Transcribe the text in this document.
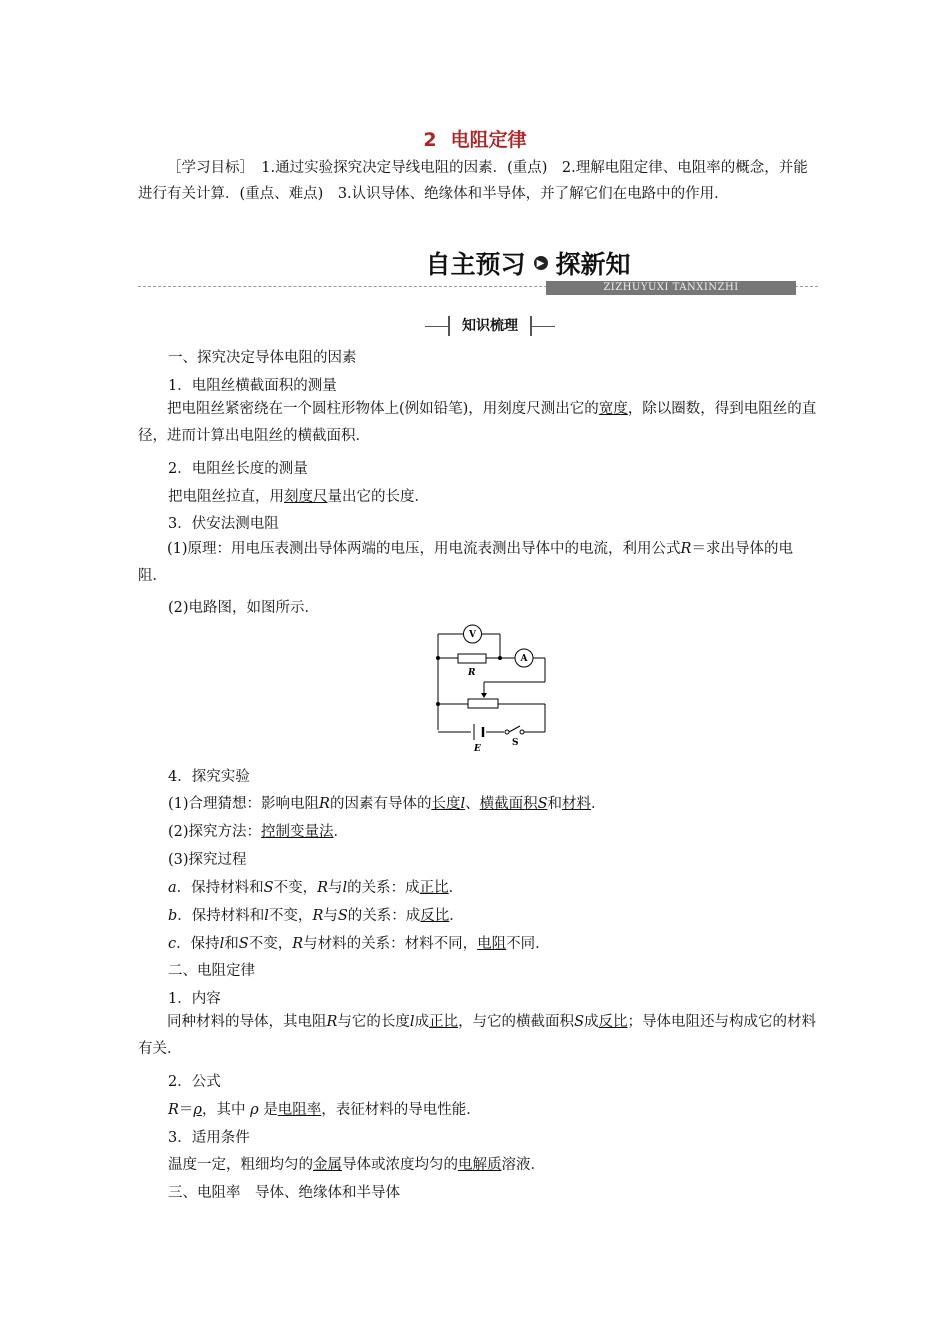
2 电阻定律
［学习目标］　1.通过实验探究决定导线电阻的因素．(重点)　2.理解电阻定律、电阻率的概念，并能进行有关计算．(重点、难点)　3.认识导体、绝缘体和半导体，并了解它们在电路中的作用．
自主预习	▶ 探新知
ZIZHUYUXI TANXINZHI
知识梳理
一、探究决定导体电阻的因素
1．电阻丝横截面积的测量
把电阻丝紧密绕在一个圆柱形物体上(例如铅笔)，用刻度尺测出它的宽度，除以圈数，得到电阻丝的直径，进而计算出电阻丝的横截面积．
2．电阻丝长度的测量
把电阻丝拉直，用刻度尺量出它的长度．
3．伏安法测电阻
(1)原理：用电压表测出导体两端的电压，用电流表测出导体中的电流，利用公式R＝求出导体的电阻．
(2)电路图，如图所示．
V
A
R
E
S
4．探究实验
(1)合理猜想：影响电阻R的因素有导体的长度l、横截面积S和材料．
(2)探究方法：控制变量法．
(3)探究过程
a．保持材料和S不变，R与l的关系：成正比．
b．保持材料和l不变，R与S的关系：成反比．
c．保持l和S不变，R与材料的关系：材料不同，电阻不同．
二、电阻定律
1．内容
同种材料的导体，其电阻R与它的长度l成正比，与它的横截面积S成反比；导体电阻还与构成它的材料有关．
2．公式
R＝ρ，其中 ρ 是电阻率，表征材料的导电性能．
3．适用条件
温度一定，粗细均匀的金属导体或浓度均匀的电解质溶液．
三、电阻率　导体、绝缘体和半导体
